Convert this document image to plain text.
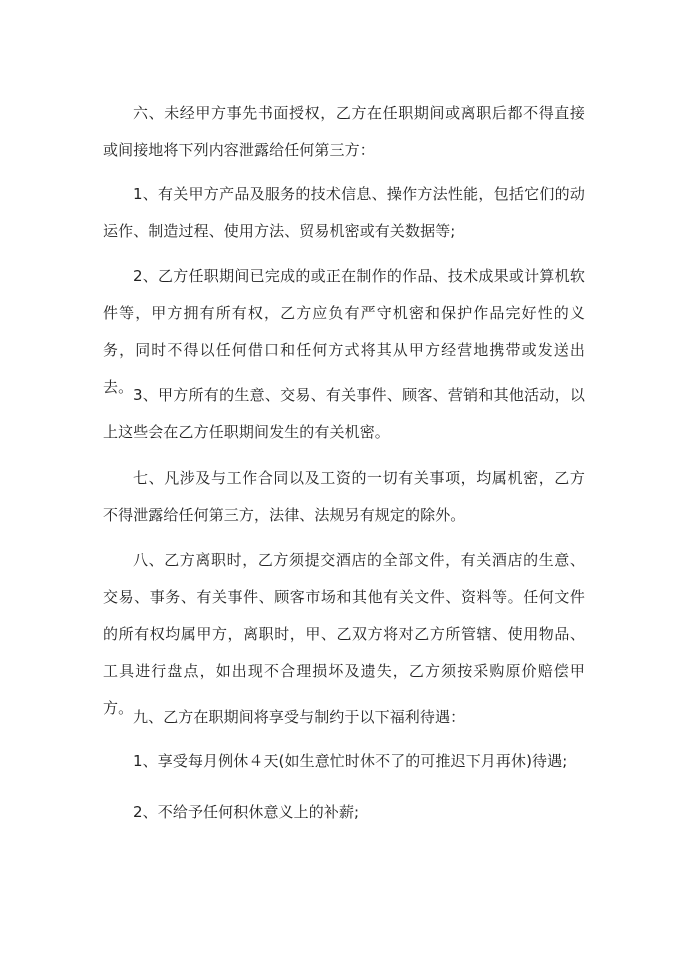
六、未经甲方事先书面授权，乙方在任职期间或离职后都不得直接或间接地将下列内容泄露给任何第三方：

1、有关甲方产品及服务的技术信息、操作方法性能，包括它们的动运作、制造过程、使用方法、贸易机密或有关数据等;

2、乙方任职期间已完成的或正在制作的作品、技术成果或计算机软件等，甲方拥有所有权，乙方应负有严守机密和保护作品完好性的义务，同时不得以任何借口和任何方式将其从甲方经营地携带或发送出去。 3、甲方所有的生意、交易、有关事件、顾客、营销和其他活动，以上这些会在乙方任职期间发生的有关机密。

七、凡涉及与工作合同以及工资的一切有关事项，均属机密，乙方不得泄露给任何第三方，法律、法规另有规定的除外。

八、乙方离职时，乙方须提交酒店的全部文件，有关酒店的生意、交易、事务、有关事件、顾客市场和其他有关文件、资料等。任何文件的所有权均属甲方，离职时，甲、乙双方将对乙方所管辖、使用物品、工具进行盘点，如出现不合理损坏及遗失，乙方须按采购原价赔偿甲方。 九、乙方在职期间将享受与制约于以下福利待遇：

1、享受每月例休４天(如生意忙时休不了的可推迟下月再休)待遇;

2、不给予任何积休意义上的补薪;
